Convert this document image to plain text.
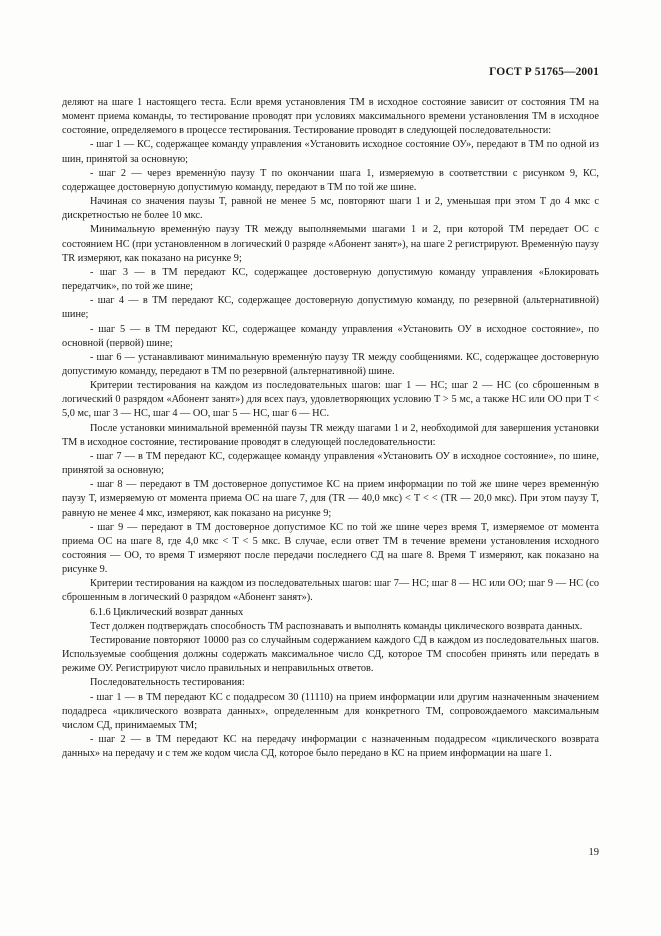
ГОСТ Р 51765—2001

деляют на шаге 1 настоящего теста. Если время установления ТМ в исходное состояние зависит от состояния ТМ на момент приема команды, то тестирование проводят при условиях максимального времени установления ТМ в исходное состояние, определяемого в процессе тестирования. Тестирование проводят в следующей последовательности:

- шаг 1 — КС, содержащее команду управления «Установить исходное состояние ОУ», передают в ТМ по одной из шин, принятой за основную;

- шаг 2 — через временнýю паузу T по окончании шага 1, измеряемую в соответствии с рисунком 9, КС, содержащее достоверную допустимую команду, передают в ТМ по той же шине.

Начиная со значения паузы T, равной не менее 5 мс, повторяют шаги 1 и 2, уменьшая при этом T до 4 мкс с дискретностью не более 10 мкс.

Минимальную временнýю паузу TR между выполняемыми шагами 1 и 2, при которой ТМ передает ОС с состоянием НС (при установленном в логический 0 разряде «Абонент занят»), на шаге 2 регистрируют. Временнýю паузу TR измеряют, как показано на рисунке 9;

- шаг 3 — в ТМ передают КС, содержащее достоверную допустимую команду управления «Блокировать передатчик», по той же шине;

- шаг 4 — в ТМ передают КС, содержащее достоверную допустимую команду, по резервной (альтернативной) шине;

- шаг 5 — в ТМ передают КС, содержащее команду управления «Установить ОУ в исходное состояние», по основной (первой) шине;

- шаг 6 — устанавливают минимальную временнýю паузу TR между сообщениями. КС, содержащее достоверную допустимую команду, передают в ТМ по резервной (альтернативной) шине.

Критерии тестирования на каждом из последовательных шагов: шаг 1 — НС; шаг 2 — НС (со сброшенным в логический 0 разрядом «Абонент занят») для всех пауз, удовлетворяющих условию T > 5 мс, а также НС или ОО при T < 5,0 мс, шаг 3 — НС, шаг 4 — ОО, шаг 5 — НС, шаг 6 — НС.

После установки минимальной временнóй паузы TR между шагами 1 и 2, необходимой для завершения установки ТМ в исходное состояние, тестирование проводят в следующей последовательности:

- шаг 7 — в ТМ передают КС, содержащее команду управления «Установить ОУ в исходное состояние», по шине, принятой за основную;

- шаг 8 — передают в ТМ достоверное допустимое КС на прием информации по той же шине через временнýю паузу T, измеряемую от момента приема ОС на шаге 7, для (TR — 40,0 мкс) < T < < (TR — 20,0 мкс). При этом паузу T, равную не менее 4 мкс, измеряют, как показано на рисунке 9;

- шаг 9 — передают в ТМ достоверное допустимое КС по той же шине через время T, измеряемое от момента приема ОС на шаге 8, где 4,0 мкс < T < 5 мкс. В случае, если ответ ТМ в течение времени установления исходного состояния — ОО, то время T измеряют после передачи последнего СД на шаге 8. Время T измеряют, как показано на рисунке 9.

Критерии тестирования на каждом из последовательных шагов: шаг 7— НС; шаг 8 — НС или ОО; шаг 9 — НС (со сброшенным в логический 0 разрядом «Абонент занят»).

6.1.6 Циклический возврат данных

Тест должен подтверждать способность ТМ распознавать и выполнять команды циклического возврата данных.

Тестирование повторяют 10000 раз со случайным содержанием каждого СД в каждом из последовательных шагов. Используемые сообщения должны содержать максимальное число СД, которое ТМ способен принять или передать в режиме ОУ. Регистрируют число правильных и неправильных ответов.

Последовательность тестирования:

- шаг 1 — в ТМ передают КС с подадресом 30 (11110) на прием информации или другим назначенным значением подадреса «циклического возврата данных», определенным для конкретного ТМ, сопровождаемого максимальным числом СД, принимаемых ТМ;

- шаг 2 — в ТМ передают КС на передачу информации с назначенным подадресом «циклического возврата данных» на передачу и с тем же кодом числа СД, которое было передано в КС на прием информации на шаге 1.

19
